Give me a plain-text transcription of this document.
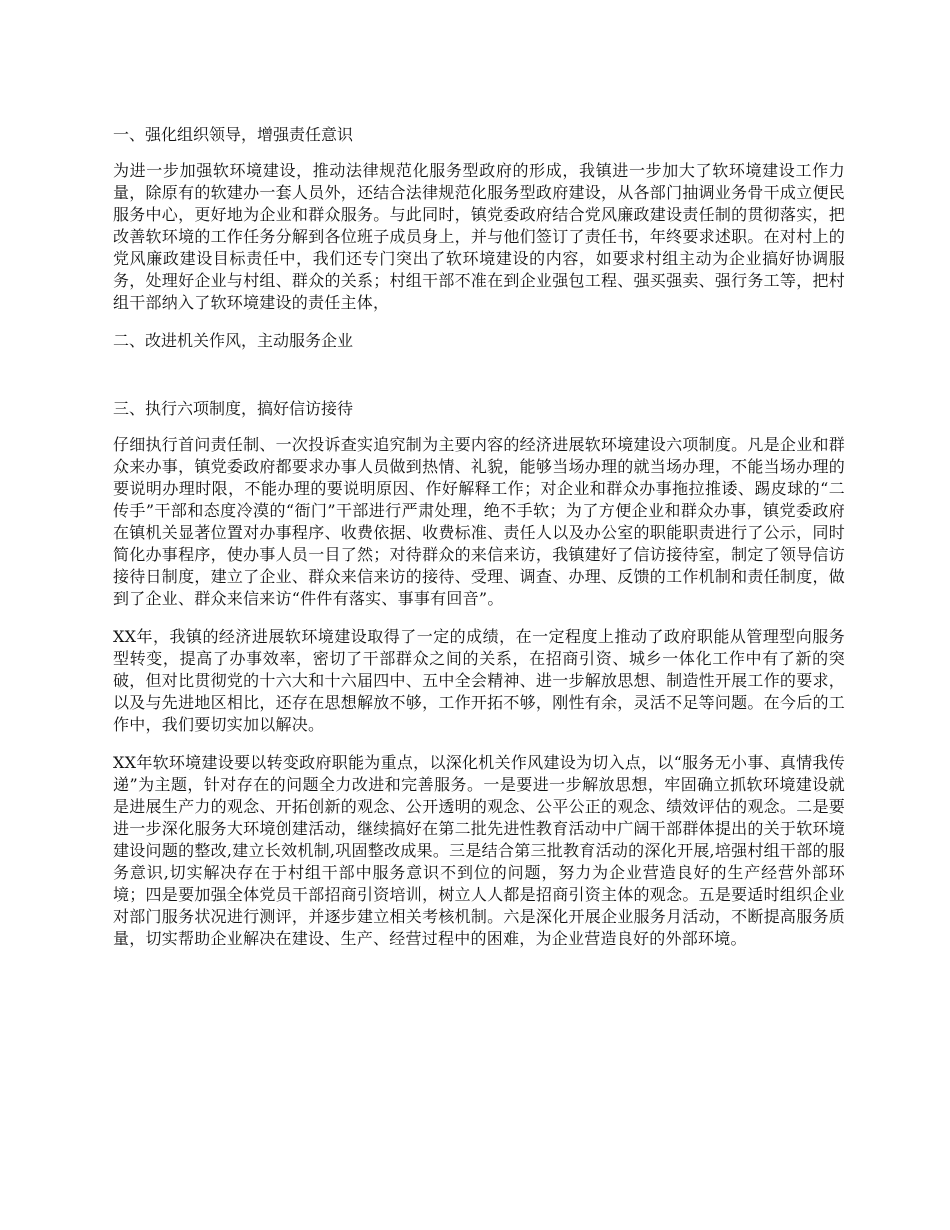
一、强化组织领导，增强责任意识

为进一步加强软环境建设，推动法律规范化服务型政府的形成，我镇进一步加大了软环境建设工作力量，除原有的软建办一套人员外，还结合法律规范化服务型政府建设，从各部门抽调业务骨干成立便民服务中心，更好地为企业和群众服务。与此同时，镇党委政府结合党风廉政建设责任制的贯彻落实，把改善软环境的工作任务分解到各位班子成员身上，并与他们签订了责任书，年终要求述职。在对村上的党风廉政建设目标责任中，我们还专门突出了软环境建设的内容，如要求村组主动为企业搞好协调服务，处理好企业与村组、群众的关系；村组干部不准在到企业强包工程、强买强卖、强行务工等，把村组干部纳入了软环境建设的责任主体，

二、改进机关作风，主动服务企业
三、执行六项制度，搞好信访接待

仔细执行首问责任制、一次投诉查实追究制为主要内容的经济进展软环境建设六项制度。凡是企业和群众来办事，镇党委政府都要求办事人员做到热情、礼貌，能够当场办理的就当场办理，不能当场办理的要说明办理时限，不能办理的要说明原因、作好解释工作；对企业和群众办事拖拉推诿、踢皮球的“二传手”干部和态度冷漠的“衙门”干部进行严肃处理，绝不手软；为了方便企业和群众办事，镇党委政府在镇机关显著位置对办事程序、收费依据、收费标准、责任人以及办公室的职能职责进行了公示，同时简化办事程序，使办事人员一目了然；对待群众的来信来访，我镇建好了信访接待室，制定了领导信访接待日制度，建立了企业、群众来信来访的接待、受理、调查、办理、反馈的工作机制和责任制度，做到了企业、群众来信来访“件件有落实、事事有回音”。

XX年，我镇的经济进展软环境建设取得了一定的成绩，在一定程度上推动了政府职能从管理型向服务型转变，提高了办事效率，密切了干部群众之间的关系，在招商引资、城乡一体化工作中有了新的突破，但对比贯彻党的十六大和十六届四中、五中全会精神、进一步解放思想、制造性开展工作的要求，以及与先进地区相比，还存在思想解放不够，工作开拓不够，刚性有余，灵活不足等问题。在今后的工作中，我们要切实加以解决。

XX年软环境建设要以转变政府职能为重点，以深化机关作风建设为切入点，以“服务无小事、真情我传递”为主题，针对存在的问题全力改进和完善服务。一是要进一步解放思想，牢固确立抓软环境建设就是进展生产力的观念、开拓创新的观念、公开透明的观念、公平公正的观念、绩效评估的观念。二是要进一步深化服务大环境创建活动，继续搞好在第二批先进性教育活动中广阔干部群体提出的关于软环境建设问题的整改,建立长效机制,巩固整改成果。三是结合第三批教育活动的深化开展,培强村组干部的服务意识,切实解决存在于村组干部中服务意识不到位的问题，努力为企业营造良好的生产经营外部环境；四是要加强全体党员干部招商引资培训，树立人人都是招商引资主体的观念。五是要适时组织企业对部门服务状况进行测评，并逐步建立相关考核机制。六是深化开展企业服务月活动，不断提高服务质量，切实帮助企业解决在建设、生产、经营过程中的困难，为企业营造良好的外部环境。
